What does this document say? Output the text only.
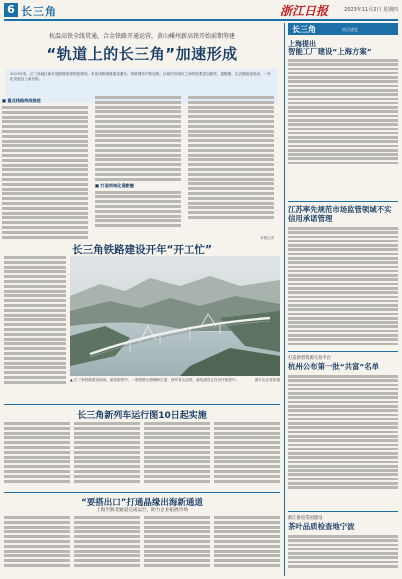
6 长三角	浙江日报	2023年11月2日 星期四
杭温高铁全线贯通，合金铁路开通运营，黄山嵊州新高铁开始前期筹建
“轨道上的长三角”加速形成
2023年来，长三角地区新开通铁路里程明显增加，多条线路相继建成通车，铁路网络不断加密。区域内各城市之间的联系更加紧密，通勤圈、生活圈加速形成，一体化发展迈上新台阶。
■ 重点线路持续推进
■ 打造同城化通勤圈
本报记者
长三角铁路建设开年“开工忙”
▲ 长三角铁路建设现场。航拍图景中，一座铁路大桥横跨江面，两岸青山连绵，新线建设正在有序推进中。	图片由记者拍摄
长三角新列车运行图10日起实施
“要搭出口”打通晶缘出海新通道
上海至浙北通道完成运行，助力企业拓展市场
长三角	热点速览
上海提出
智能工厂建设“上海方案”
江苏率先规范市场监管领域不实信用承诺管理
打造新型资源交易平台
杭州公布第一批“共富”名单
浙江推进茶园建设
茶叶品质检查地宁波
